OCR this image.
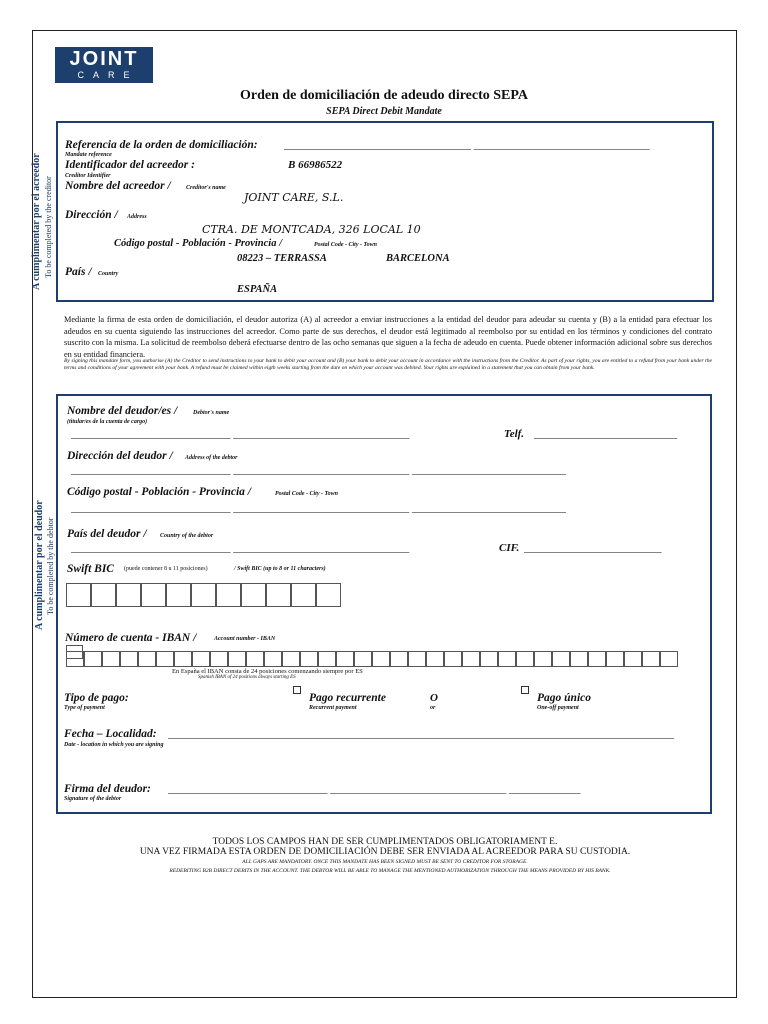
JOINT
CARE
Orden de domiciliación de adeudo directo SEPA
SEPA Direct Debit Mandate
A cumplimentar por el acreedor To be completed by the creditor
Referencia de la orden de domiciliación: __________________________________ ________________________________
Mandate reference
Identificador del acreedor :	B 66986522
Creditor Identifier
Nombre del acreedor /	Creditor's name
JOINT CARE, S.L.
Dirección / Address
CTRA. DE MONTCADA, 326 LOCAL 10
Código postal - Población - Provincia /	Postal Code - City - Town
08223 – TERRASSA	BARCELONA
País / Country
ESPAÑA
Mediante la firma de esta orden de domiciliación, el deudor autoriza (A) al acreedor a enviar instrucciones a la entidad del deudor para adeudar su cuenta y (B) a la entidad para efectuar los adeudos en su cuenta siguiendo las instrucciones del acreedor. Como parte de sus derechos, el deudor está legitimado al reembolso por su entidad en los términos y condiciones del contrato suscrito con la misma. La solicitud de reembolso deberá efectuarse dentro de las ocho semanas que siguen a la fecha de adeudo en cuenta. Puede obtener información adicional sobre sus derechos en su entidad financiera.
By signing this mandate form, you authorise (A) the Creditor to send instructions to your bank to debit your account and (B) your bank to debit your account in accordance with the instructions from the Creditor. As part of your rights, you are entitled to a refund from your bank under the terms and conditions of your agreement with your bank. A refund must be claimed within eigth weeks starting from the date on which your account was debited. Your rights are explained in a statement that you can obtain from your bank.
A cumplimentar por el deudor To be completed by the debtor
Nombre del deudor/es /	Debtor's name
(titular/es de la cuenta de cargo)
_____________________________ ________________________________	Telf. __________________________
Dirección del deudor / Address of the debtor
_____________________________ ________________________________ ____________________________
Código postal - Población - Provincia /	Postal Code - City - Town
_____________________________ ________________________________ ____________________________
País del deudor / Country of the debtor
_____________________________ ________________________________	CIF. _________________________
Swift BIC (puede contener 8 u 11 posiciones)	/ Swift BIC (up to 8 or 11 characters)
Número de cuenta - IBAN /	Account number - IBAN
En España el IBAN consta de 24 posiciones comenzando siempre por ES
Spanish IBAN of 24 positions always starting ES
Tipo de pago:
Type of payment
Pago recurrente
Recurrent payment
O
or
Pago único
One-off payment
Fecha – Localidad: ____________________________________________________________________________________________
Date - location in which you are signing
Firma del deudor: _____________________________ ________________________________ _____________
Signature of the debtor
TODOS LOS CAMPOS HAN DE SER CUMPLIMENTADOS OBLIGATORIAMENT E.
UNA VEZ FIRMADA ESTA ORDEN DE DOMICILIACIÓN DEBE SER ENVIADA AL ACREEDOR PARA SU CUSTODIA.
ALL GAPS ARE MANDATORY. ONCE THIS MANDATE HAS BEEN SIGNED MUST BE SENT TO CREDITOR FOR STORAGE.
REDEBITING B2B DIRECT DEBITS IN THE ACCOUNT. THE DEBTOR WILL BE ABLE TO MANAGE THE MENTIONED AUTHORIZATION THROUGH THE MEANS PROVIDED BY HIS BANK.
